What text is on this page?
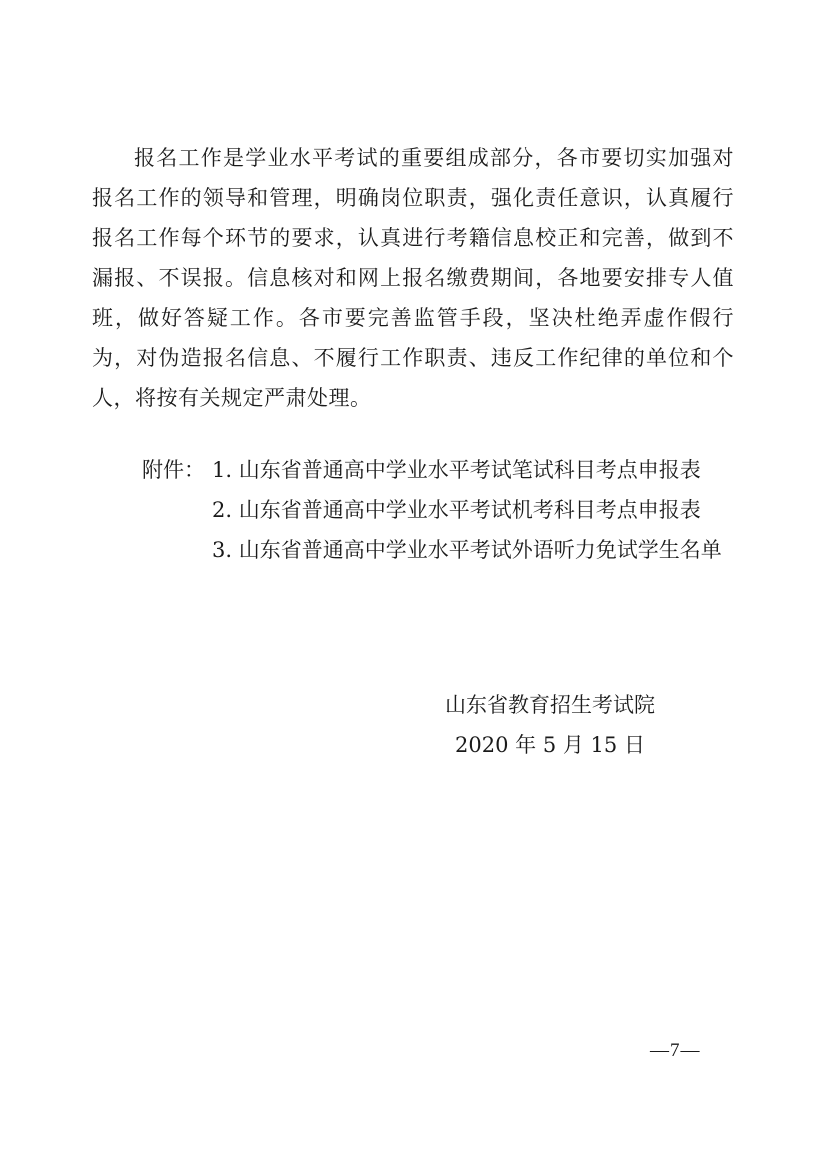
报名工作是学业水平考试的重要组成部分，各市要切实加强对报名工作的领导和管理，明确岗位职责，强化责任意识，认真履行报名工作每个环节的要求，认真进行考籍信息校正和完善，做到不漏报、不误报。信息核对和网上报名缴费期间，各地要安排专人值班，做好答疑工作。各市要完善监管手段，坚决杜绝弄虚作假行为，对伪造报名信息、不履行工作职责、违反工作纪律的单位和个人，将按有关规定严肃处理。

附件： 1. 山东省普通高中学业水平考试笔试科目考点申报表
2. 山东省普通高中学业水平考试机考科目考点申报表
3. 山东省普通高中学业水平考试外语听力免试学生名单
山东省教育招生考试院
2020 年 5 月 15 日
—7—
